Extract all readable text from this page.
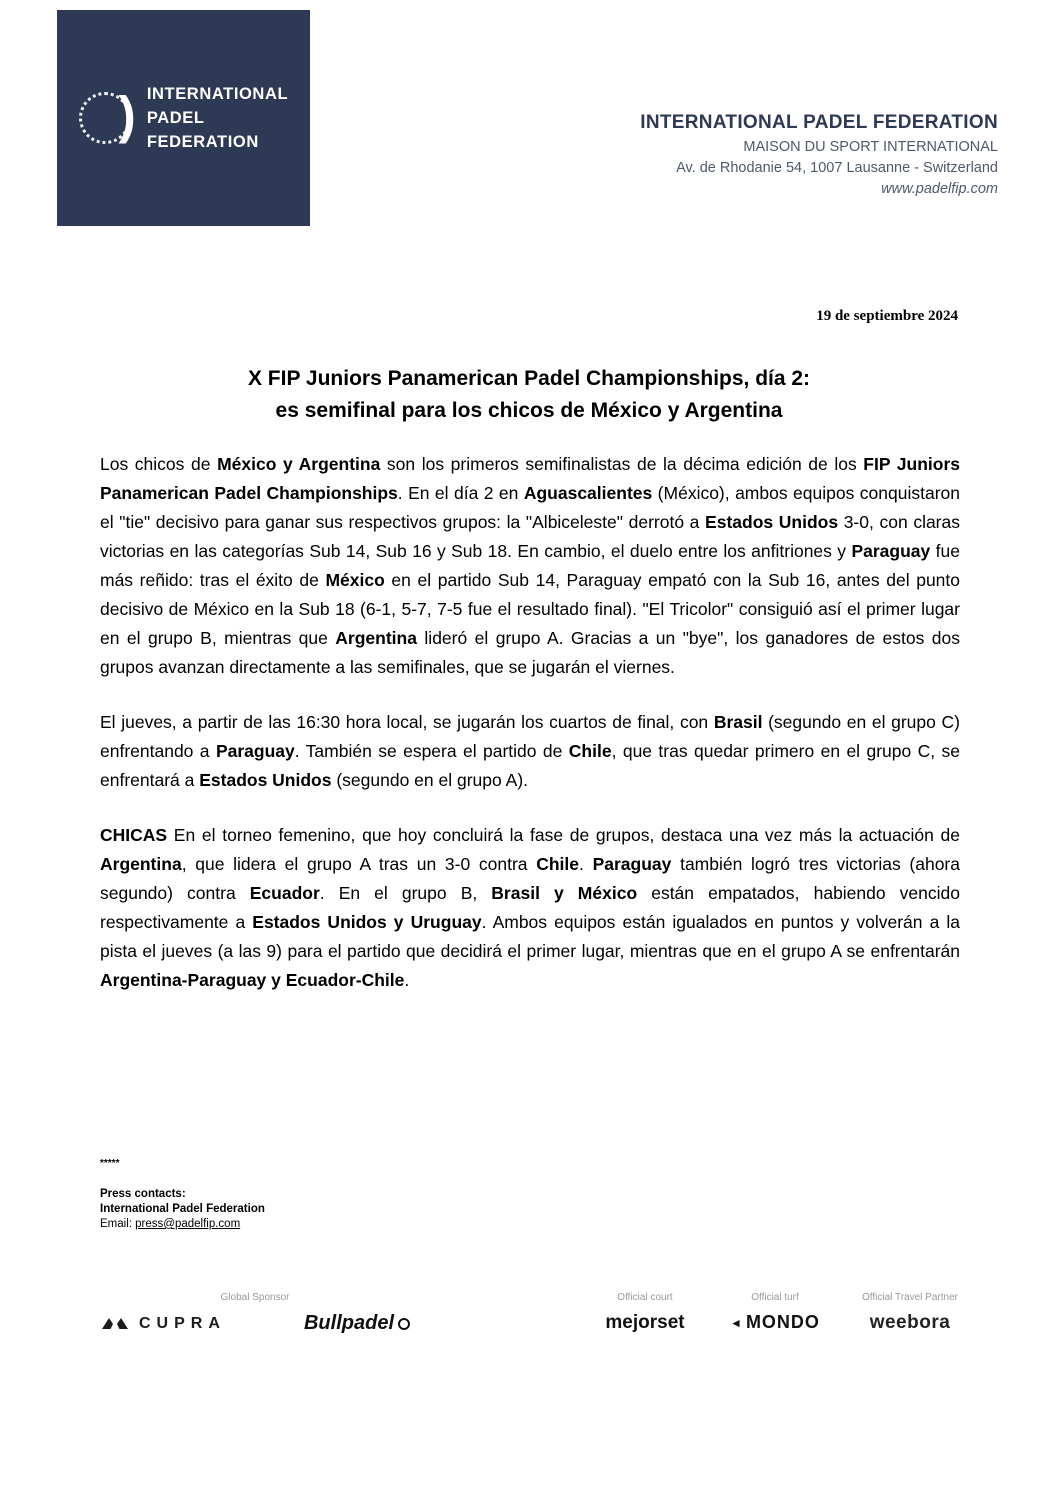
) INTERNATIONAL
PADEL
FEDERATION
INTERNATIONAL PADEL FEDERATION
MAISON DU SPORT INTERNATIONAL
Av. de Rhodanie 54, 1007 Lausanne - Switzerland
www.padelfip.com
19 de septiembre 2024
X FIP Juniors Panamerican Padel Championships, día 2:
es semifinal para los chicos de México y Argentina

Los chicos de México y Argentina son los primeros semifinalistas de la décima edición de los FIP Juniors Panamerican Padel Championships. En el día 2 en Aguascalientes (México), ambos equipos conquistaron el "tie" decisivo para ganar sus respectivos grupos: la "Albiceleste" derrotó a Estados Unidos 3-0, con claras victorias en las categorías Sub 14, Sub 16 y Sub 18. En cambio, el duelo entre los anfitriones y Paraguay fue más reñido: tras el éxito de México en el partido Sub 14, Paraguay empató con la Sub 16, antes del punto decisivo de México en la Sub 18 (6-1, 5-7, 7-5 fue el resultado final). "El Tricolor" consiguió así el primer lugar en el grupo B, mientras que Argentina lideró el grupo A. Gracias a un "bye", los ganadores de estos dos grupos avanzan directamente a las semifinales, que se jugarán el viernes.

El jueves, a partir de las 16:30 hora local, se jugarán los cuartos de final, con Brasil (segundo en el grupo C) enfrentando a Paraguay. También se espera el partido de Chile, que tras quedar primero en el grupo C, se enfrentará a Estados Unidos (segundo en el grupo A).

CHICAS En el torneo femenino, que hoy concluirá la fase de grupos, destaca una vez más la actuación de Argentina, que lidera el grupo A tras un 3-0 contra Chile. Paraguay también logró tres victorias (ahora segundo) contra Ecuador. En el grupo B, Brasil y México están empatados, habiendo vencido respectivamente a Estados Unidos y Uruguay. Ambos equipos están igualados en puntos y volverán a la pista el jueves (a las 9) para el partido que decidirá el primer lugar, mientras que en el grupo A se enfrentarán Argentina-Paraguay y Ecuador-Chile.

*****
Press contacts:
International Padel Federation
Email: press@padelfip.com
Global Sponsor
CUPRA	Bullpadel
Official court
mejorset
Official turf
◄ MONDO
Official Travel Partner
weebora
